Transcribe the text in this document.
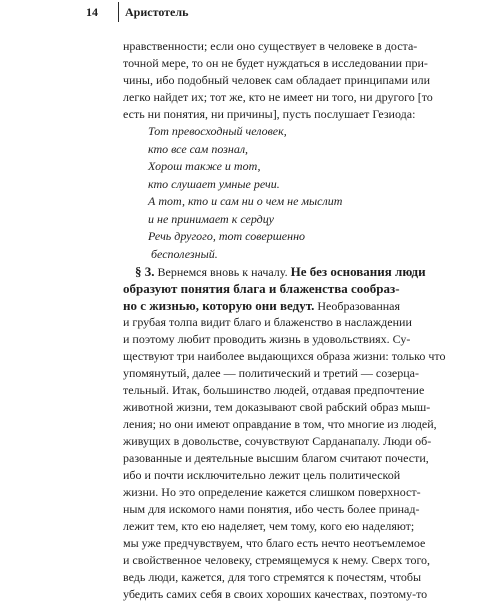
14 Аристотель
нравственности; если оно существует в человеке в доста-
точной мере, то он не будет нуждаться в исследовании при-
чины, ибо подобный человек сам обладает принципами или
легко найдет их; тот же, кто не имеет ни того, ни другого [то
есть ни понятия, ни причины], пусть послушает Гезиода:
Тот превосходный человек,
кто все сам познал,
Хорош также и тот,
кто слушает умные речи.
А тот, кто и сам ни о чем не мыслит
и не принимает к сердцу
Речь другого, тот совершенно
бесполезный.
§ 3. Вернемся вновь к началу. Не без основания люди
образуют понятия блага и блаженства сообраз-
но с жизнью, которую они ведут. Необразованная
и грубая толпа видит благо и блаженство в наслаждении
и поэтому любит проводить жизнь в удовольствиях. Су-
ществуют три наиболее выдающихся образа жизни: только что
упомянутый, далее — политический и третий — созерца-
тельный. Итак, большинство людей, отдавая предпочтение
животной жизни, тем доказывают свой рабский образ мыш-
ления; но они имеют оправдание в том, что многие из людей,
живущих в довольстве, сочувствуют Сарданапалу. Люди об-
разованные и деятельные высшим благом считают почести,
ибо и почти исключительно лежит цель политической
жизни. Но это определение кажется слишком поверхност-
ным для искомого нами понятия, ибо честь более принад-
лежит тем, кто ею наделяет, чем тому, кого ею наделяют;
мы уже предчувствуем, что благо есть нечто неотъемлемое
и свойственное человеку, стремящемуся к нему. Сверх того,
ведь люди, кажется, для того стремятся к почестям, чтобы
убедить самих себя в своих хороших качествах, поэтому-то
